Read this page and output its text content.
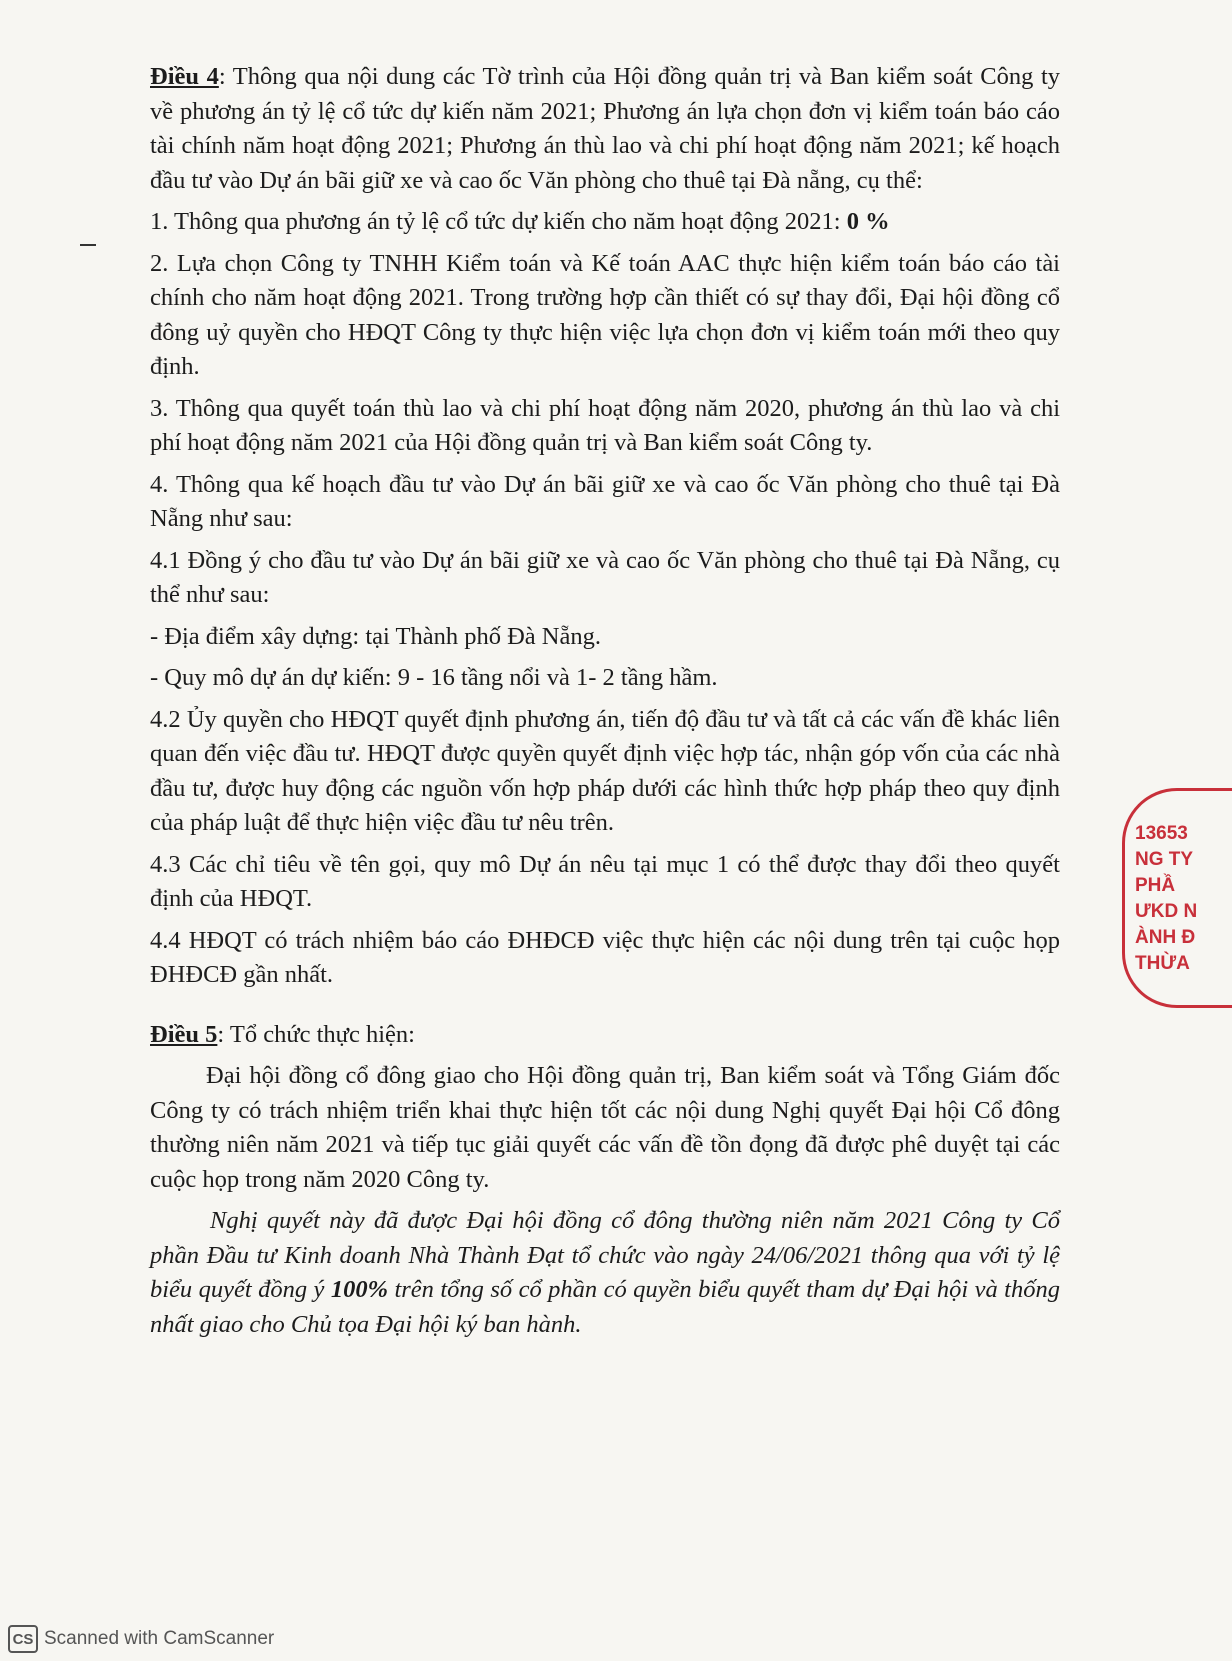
Điều 4: Thông qua nội dung các Tờ trình của Hội đồng quản trị và Ban kiểm soát Công ty về phương án tỷ lệ cổ tức dự kiến năm 2021; Phương án lựa chọn đơn vị kiểm toán báo cáo tài chính năm hoạt động 2021; Phương án thù lao và chi phí hoạt động năm 2021; kế hoạch đầu tư vào Dự án bãi giữ xe và cao ốc Văn phòng cho thuê tại Đà nẵng, cụ thể:

1. Thông qua phương án tỷ lệ cổ tức dự kiến cho năm hoạt động 2021: 0 %

2. Lựa chọn Công ty TNHH Kiểm toán và Kế toán AAC thực hiện kiểm toán báo cáo tài chính cho năm hoạt động 2021. Trong trường hợp cần thiết có sự thay đổi, Đại hội đồng cổ đông uỷ quyền cho HĐQT Công ty thực hiện việc lựa chọn đơn vị kiểm toán mới theo quy định.

3. Thông qua quyết toán thù lao và chi phí hoạt động năm 2020, phương án thù lao và chi phí hoạt động năm 2021 của Hội đồng quản trị và Ban kiểm soát Công ty.

4. Thông qua kế hoạch đầu tư vào Dự án bãi giữ xe và cao ốc Văn phòng cho thuê tại Đà Nẵng như sau:

4.1 Đồng ý cho đầu tư vào Dự án bãi giữ xe và cao ốc Văn phòng cho thuê tại Đà Nẵng, cụ thể như sau:

- Địa điểm xây dựng: tại Thành phố Đà Nẵng.

- Quy mô dự án dự kiến: 9 - 16 tầng nổi và 1- 2 tầng hầm.

4.2 Ủy quyền cho HĐQT quyết định phương án, tiến độ đầu tư và tất cả các vấn đề khác liên quan đến việc đầu tư. HĐQT được quyền quyết định việc hợp tác, nhận góp vốn của các nhà đầu tư, được huy động các nguồn vốn hợp pháp dưới các hình thức hợp pháp theo quy định của pháp luật để thực hiện việc đầu tư nêu trên.

4.3 Các chỉ tiêu về tên gọi, quy mô Dự án nêu tại mục 1 có thể được thay đổi theo quyết định của HĐQT.

4.4 HĐQT có trách nhiệm báo cáo ĐHĐCĐ việc thực hiện các nội dung trên tại cuộc họp ĐHĐCĐ gần nhất.

Điều 5: Tổ chức thực hiện:

Đại hội đồng cổ đông giao cho Hội đồng quản trị, Ban kiểm soát và Tổng Giám đốc Công ty có trách nhiệm triển khai thực hiện tốt các nội dung Nghị quyết Đại hội Cổ đông thường niên năm 2021 và tiếp tục giải quyết các vấn đề tồn đọng đã được phê duyệt tại các cuộc họp trong năm 2020 Công ty.

Nghị quyết này đã được Đại hội đồng cổ đông thường niên năm 2021 Công ty Cổ phần Đầu tư Kinh doanh Nhà Thành Đạt tổ chức vào ngày 24/06/2021 thông qua với tỷ lệ biểu quyết đồng ý 100% trên tổng số cổ phần có quyền biểu quyết tham dự Đại hội và thống nhất giao cho Chủ tọa Đại hội ký ban hành.

13653
NG TY
PHẦ
ƯKD N
ÀNH Đ
THỪA
CS Scanned with CamScanner
